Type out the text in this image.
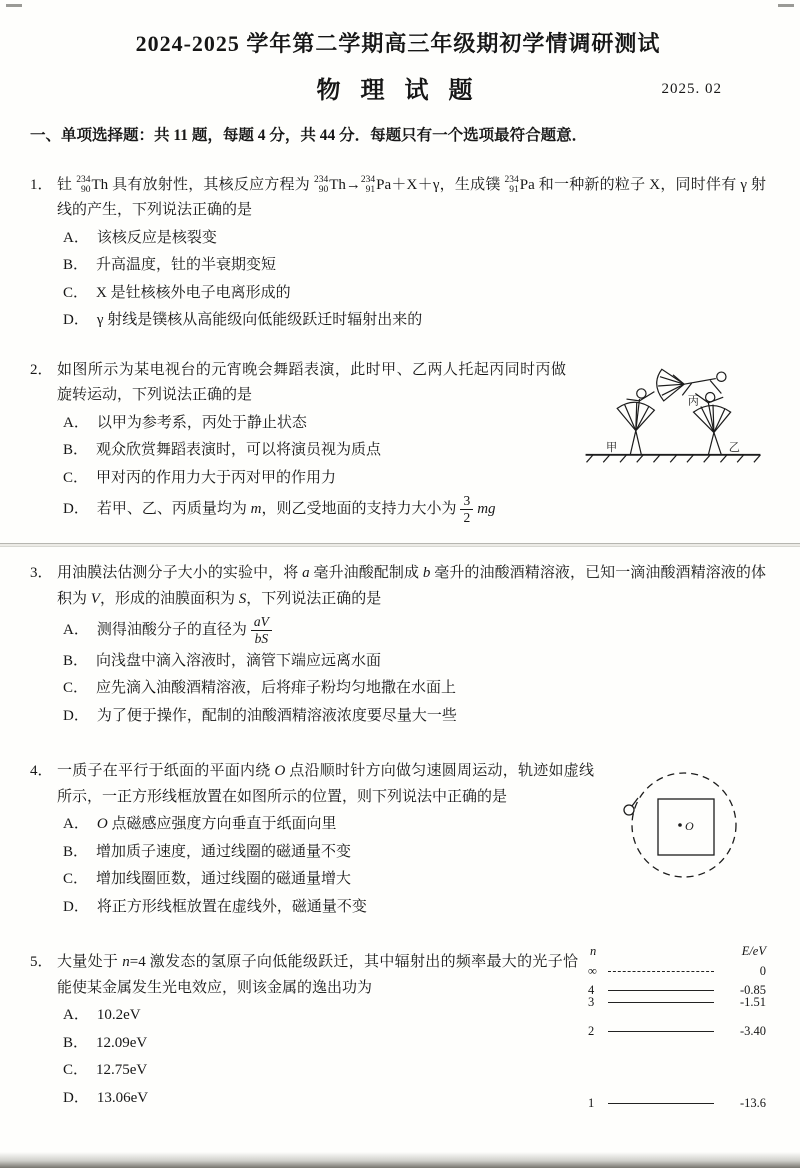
2024-2025 学年第二学期高三年级期初学情调研测试
物 理 试 题	2025. 02
一、单项选择题：共 11 题，每题 4 分，共 44 分．每题只有一个选项最符合题意．
1． 钍 234
90 Th 具有放射性，其核反应方程为 234
90 Th→ 234
91 Pa＋X＋γ，生成镤 234
91 Pa 和一种新的粒子 X，同时伴有 γ 射线的产生，下列说法正确的是
A． 该核反应是核裂变
B． 升高温度，钍的半衰期变短
C． X 是钍核核外电子电离形成的
D． γ 射线是镤核从高能级向低能级跃迁时辐射出来的
2．
丙
甲	乙
如图所示为某电视台的元宵晚会舞蹈表演，此时甲、乙两人托起丙同时丙做旋转运动，下列说法正确的是
A． 以甲为参考系，丙处于静止状态
B． 观众欣赏舞蹈表演时，可以将演员视为质点
C． 甲对丙的作用力大于丙对甲的作用力
D． 若甲、乙、丙质量均为 m，则乙受地面的支持力大小为 $\frac{3}{2}$ mg
3． 用油膜法估测分子大小的实验中，将 a 毫升油酸配制成 b 毫升的油酸酒精溶液，已知一滴油酸酒精溶液的体积为 V，形成的油膜面积为 S，下列说法正确的是
A． 测得油酸分子的直径为 $\frac{aV}{bS}$
B． 向浅盘中滴入溶液时，滴管下端应远离水面
C． 应先滴入油酸酒精溶液，后将痱子粉均匀地撒在水面上
D． 为了便于操作，配制的油酸酒精溶液浓度要尽量大一些
4．
O
一质子在平行于纸面的平面内绕 O 点沿顺时针方向做匀速圆周运动，轨迹如虚线所示，一正方形线框放置在如图所示的位置，则下列说法中正确的是
A． O 点磁感应强度方向垂直于纸面向里
B． 增加质子速度，通过线圈的磁通量不变
C． 增加线圈匝数，通过线圈的磁通量增大
D． 将正方形线框放置在虚线外，磁通量不变
5．
n	E/eV
∞	0
4	-0.85
3	-1.51
2	-3.40
1	-13.6
大量处于 n=4 激发态的氢原子向低能级跃迁，其中辐射出的频率最大的光子恰能使某金属发生光电效应，则该金属的逸出功为
A． 10.2eV
B． 12.09eV
C． 12.75eV
D． 13.06eV
